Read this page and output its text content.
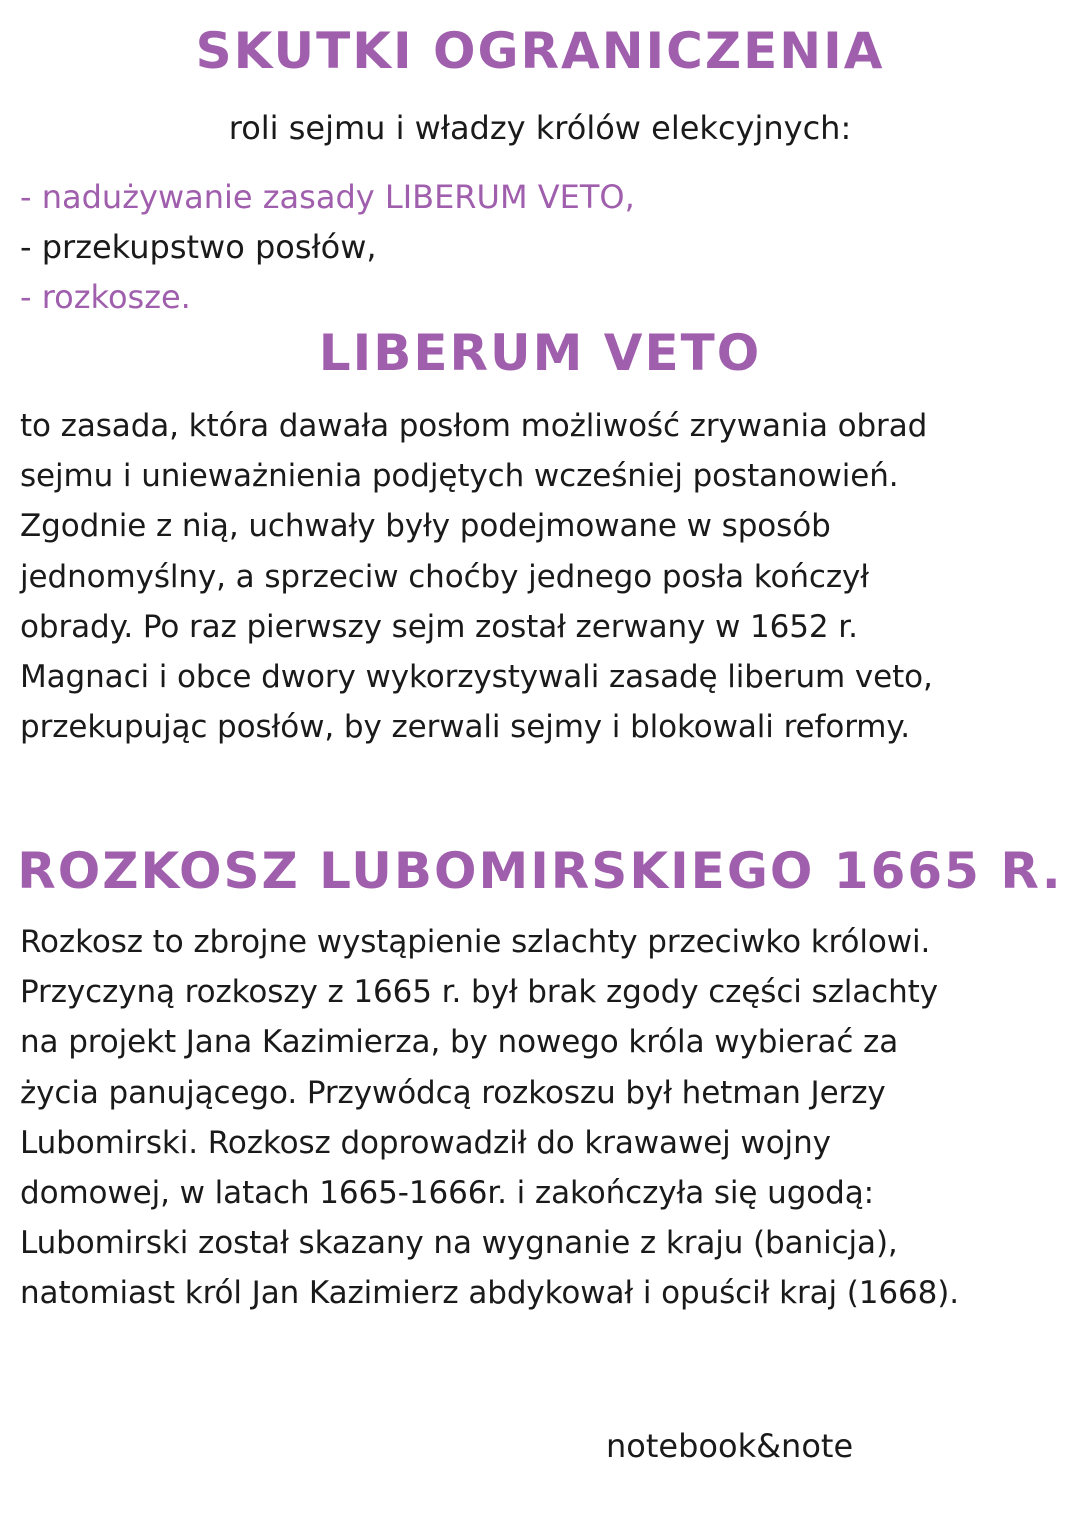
SKUTKI OGRANICZENIA

roli sejmu i władzy królów elekcyjnych:

- nadużywanie zasady LIBERUM VETO,
- przekupstwo posłów,
- rozkosze.
LIBERUM VETO

to zasada, która dawała posłom możliwość zrywania obrad
sejmu i unieważnienia podjętych wcześniej postanowień.
Zgodnie z nią, uchwały były podejmowane w sposób
jednomyślny, a sprzeciw choćby jednego posła kończył
obrady. Po raz pierwszy sejm został zerwany w 1652 r.
Magnaci i obce dwory wykorzystywali zasadę liberum veto,
przekupując posłów, by zerwali sejmy i blokowali reformy.

ROZKOSZ LUBOMIRSKIEGO 1665 R.

Rozkosz to zbrojne wystąpienie szlachty przeciwko królowi.
Przyczyną rozkoszy z 1665 r. był brak zgody części szlachty
na projekt Jana Kazimierza, by nowego króla wybierać za
życia panującego. Przywódcą rozkoszu był hetman Jerzy
Lubomirski. Rozkosz doprowadził do krawawej wojny
domowej, w latach 1665-1666r. i zakończyła się ugodą:
Lubomirski został skazany na wygnanie z kraju (banicja),
natomiast król Jan Kazimierz abdykował i opuścił kraj (1668).

notebook&note
